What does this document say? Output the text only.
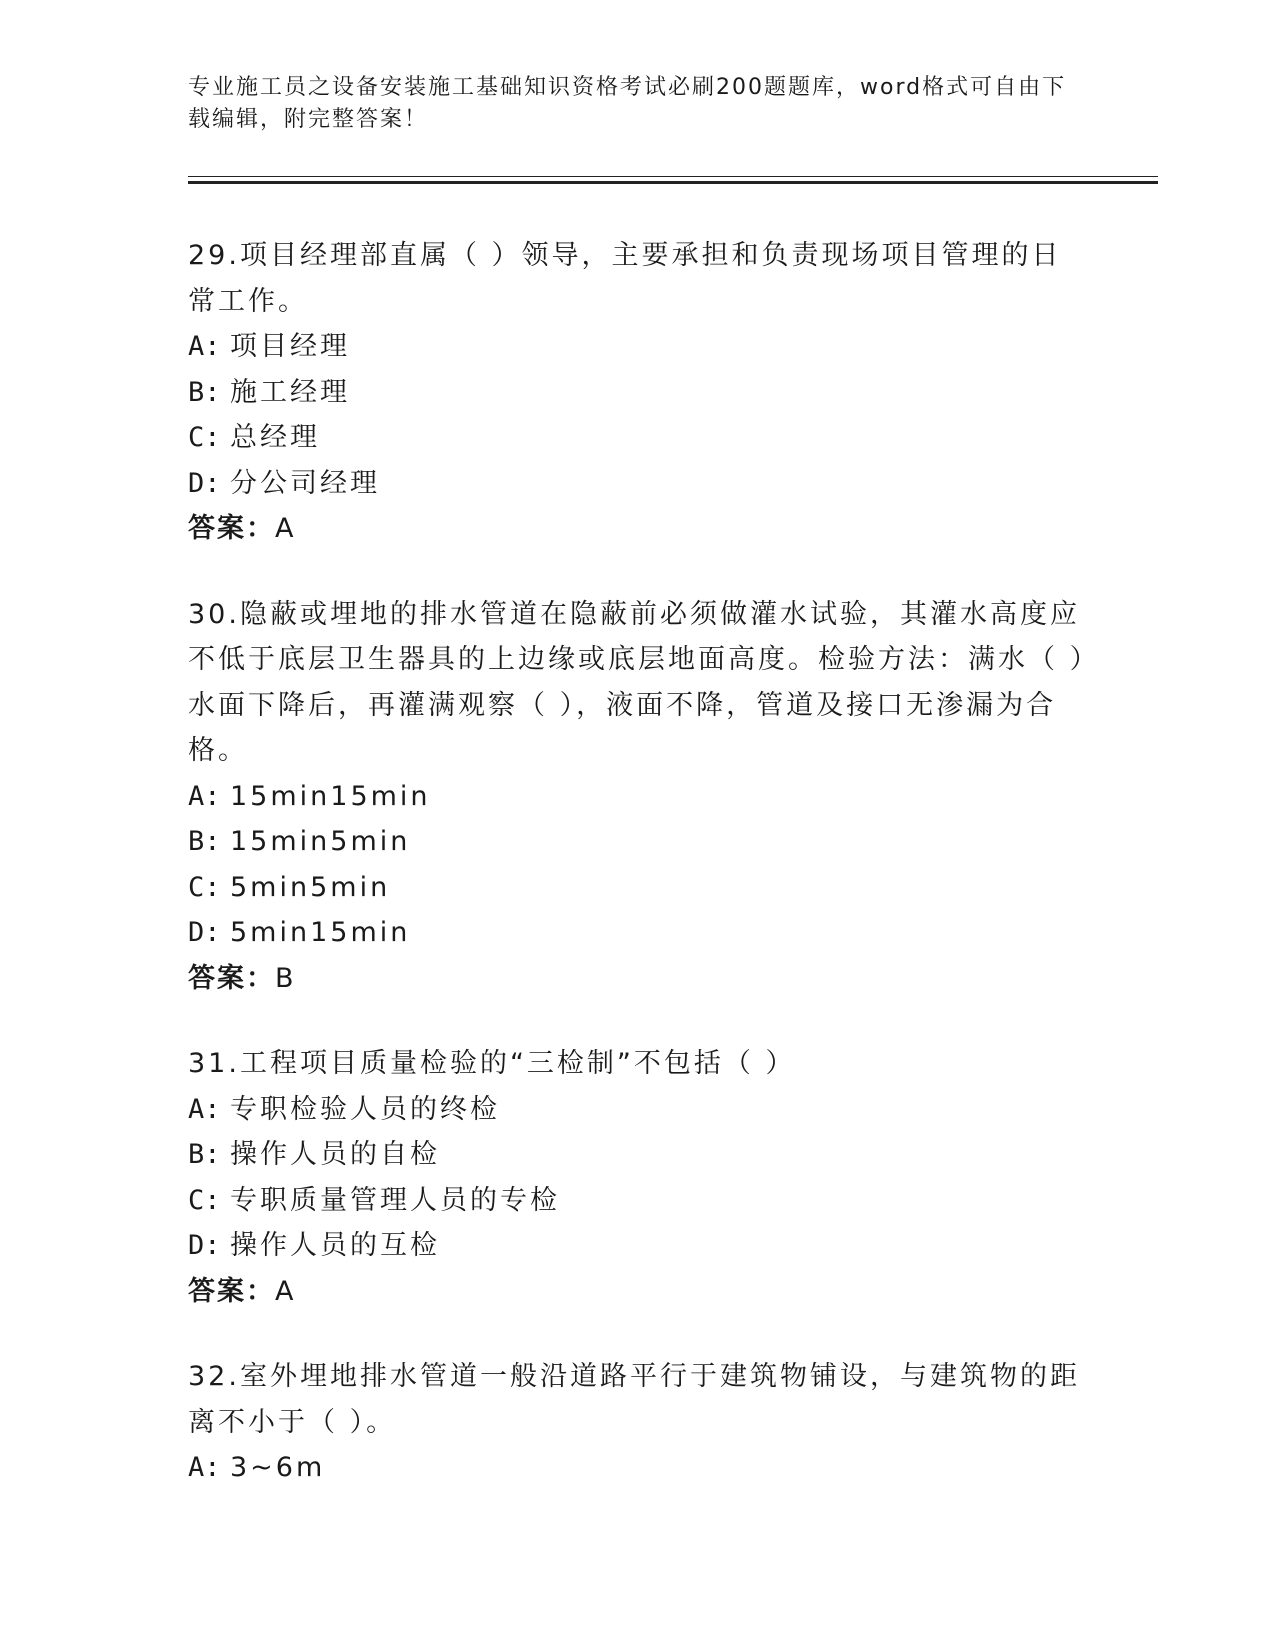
专业施工员之设备安装施工基础知识资格考试必刷200题题库，word格式可自由下载编辑，附完整答案！

29.项目经理部直属（ ）领导，主要承担和负责现场项目管理的日常工作。

A: 项目经理

B: 施工经理

C: 总经理

D: 分公司经理

答案：A

30.隐蔽或埋地的排水管道在隐蔽前必须做灌水试验，其灌水高度应不低于底层卫生器具的上边缘或底层地面高度。检验方法：满水（ ）水面下降后，再灌满观察（ ），液面不降，管道及接口无渗漏为合格。

A: 15min15min

B: 15min5min

C: 5min5min

D: 5min15min

答案：B

31.工程项目质量检验的“三检制”不包括（ ）

A: 专职检验人员的终检

B: 操作人员的自检

C: 专职质量管理人员的专检

D: 操作人员的互检

答案：A

32.室外埋地排水管道一般沿道路平行于建筑物铺设，与建筑物的距离不小于（ ）。

A: 3~6m
